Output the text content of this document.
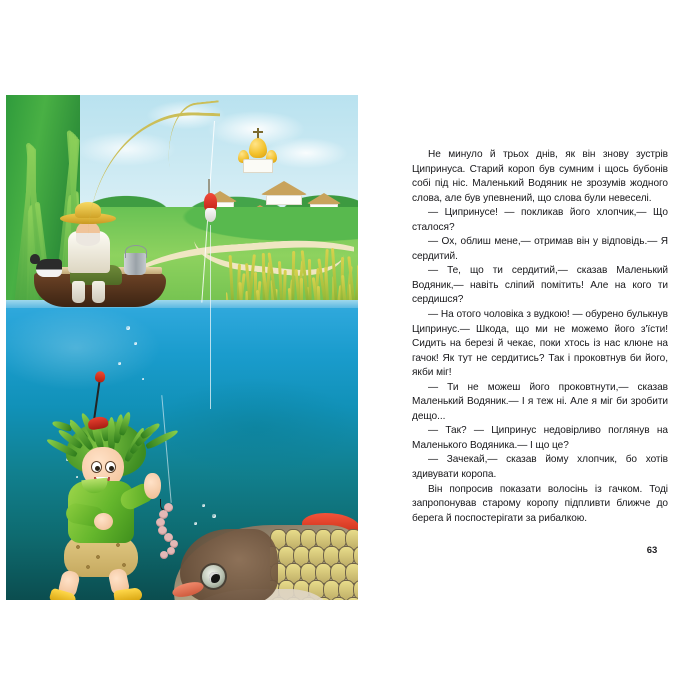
Не минуло й трьох днів, як він знову зустрів Ципринуса. Старий короп був сумним і щось бубонів собі під ніс. Маленький Водяник не зрозумів жодного слова, але був упевнений, що слова були невеселі.

— Ципринусе! — покликав його хлопчик,— Що сталося?

— Ох, облиш мене,— отримав він у відповідь.— Я сердитий.

— Те, що ти сердитий,— сказав Маленький Водяник,— навіть сліпий помітить! Але на кого ти сердишся?

— На отого чоловіка з вудкою! — обурено булькнув Ципринус.— Шкода, що ми не можемо його з'їсти! Сидить на березі й чекає, поки хтось із нас клюне на гачок! Як тут не сердитись? Так і проковтнув би його, якби міг!

— Ти не можеш його проковтнути,— сказав Маленький Водяник.— І я теж ні. Але я міг би зробити дещо...

— Так? — Ципринус недовірливо поглянув на Маленького Водяника.— І що це?

— Зачекай,— сказав йому хлопчик, бо хотів здивувати коропа.

Він попросив показати волосінь із гачком. Тоді запропонував старому коропу підпливти ближче до берега й поспостерігати за рибалкою.

63
